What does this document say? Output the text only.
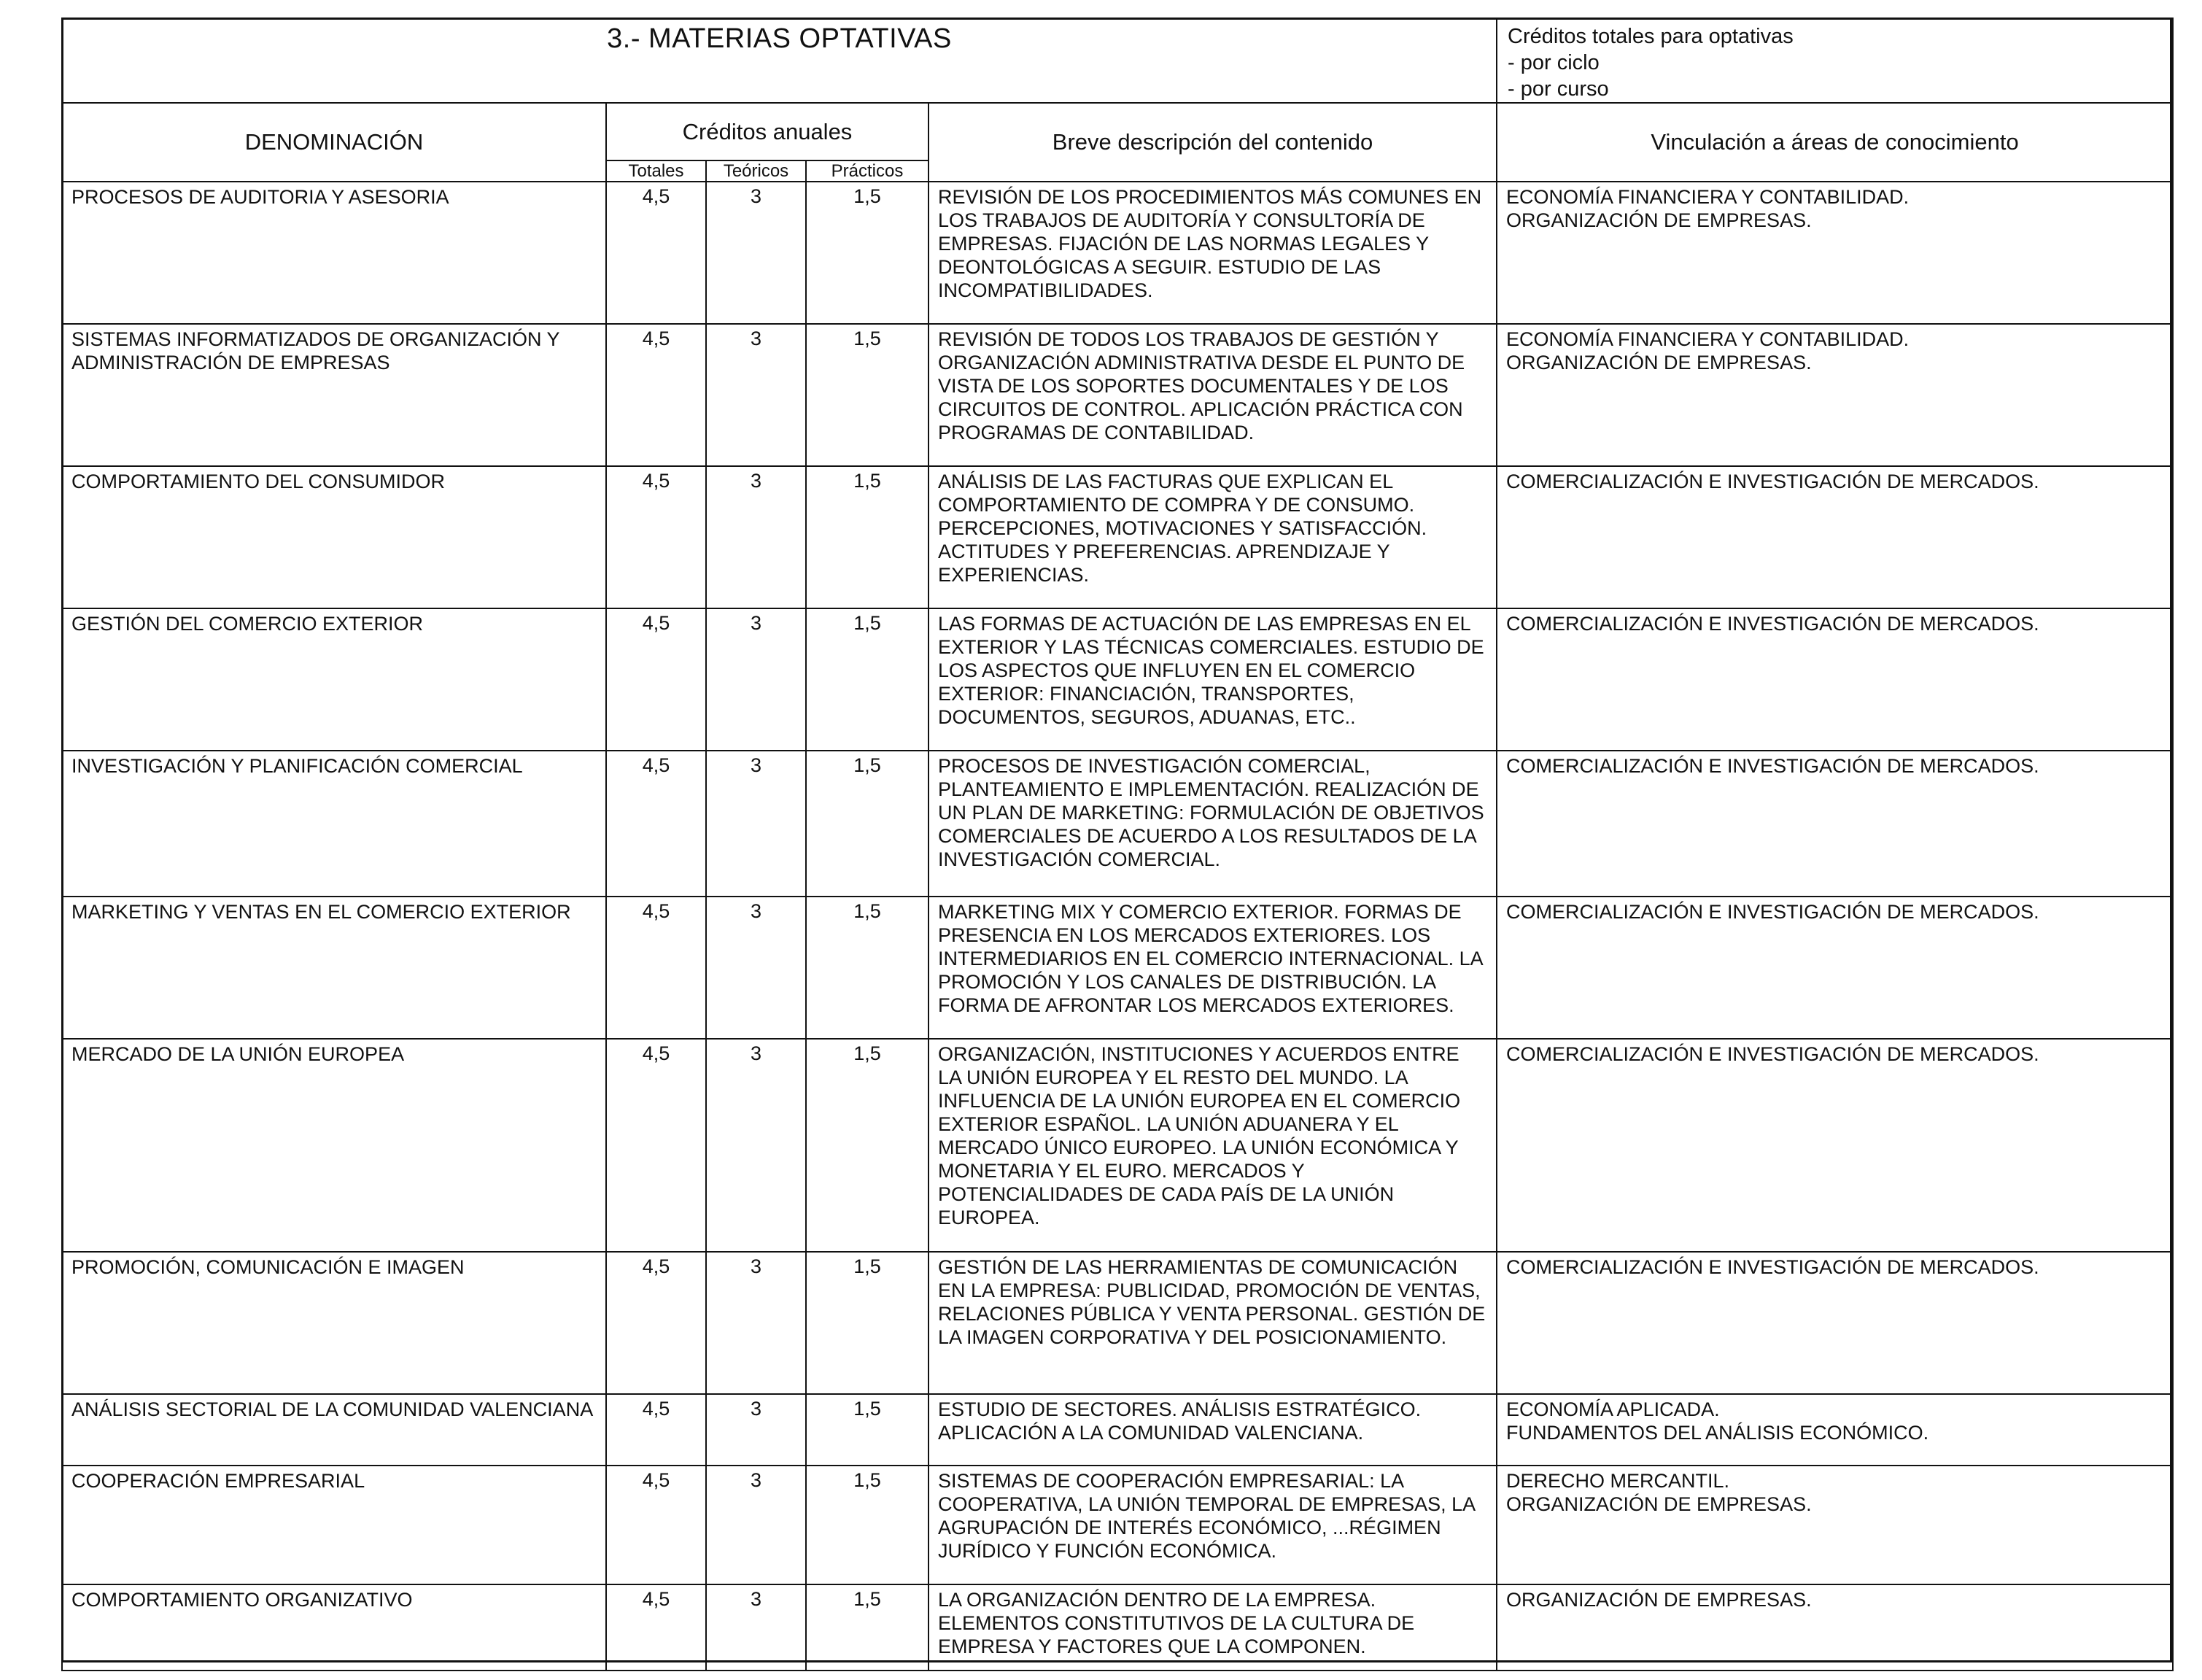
3.- MATERIAS OPTATIVAS					Créditos totales para optativas
- por ciclo
- por curso

DENOMINACIÓN	Créditos anuales			Breve descripción del contenido	Vinculación a áreas de conocimiento
	Totales	Teóricos	Prácticos		
PROCESOS DE AUDITORIA Y ASESORIA	4,5	3	1,5	REVISIÓN DE LOS PROCEDIMIENTOS MÁS COMUNES EN LOS TRABAJOS DE AUDITORÍA Y CONSULTORÍA DE EMPRESAS. FIJACIÓN DE LAS NORMAS LEGALES Y DEONTOLÓGICAS A SEGUIR. ESTUDIO DE LAS INCOMPATIBILIDADES.	ECONOMÍA FINANCIERA Y CONTABILIDAD.
ORGANIZACIÓN DE EMPRESAS.
SISTEMAS INFORMATIZADOS DE ORGANIZACIÓN Y ADMINISTRACIÓN DE EMPRESAS	4,5	3	1,5	REVISIÓN DE TODOS LOS TRABAJOS DE GESTIÓN Y ORGANIZACIÓN ADMINISTRATIVA DESDE EL PUNTO DE VISTA DE LOS SOPORTES DOCUMENTALES Y DE LOS CIRCUITOS DE CONTROL. APLICACIÓN PRÁCTICA CON PROGRAMAS DE CONTABILIDAD.	ECONOMÍA FINANCIERA Y CONTABILIDAD.
ORGANIZACIÓN DE EMPRESAS.
COMPORTAMIENTO DEL CONSUMIDOR	4,5	3	1,5	ANÁLISIS DE LAS FACTURAS QUE EXPLICAN EL COMPORTAMIENTO DE COMPRA Y DE CONSUMO. PERCEPCIONES, MOTIVACIONES Y SATISFACCIÓN. ACTITUDES Y PREFERENCIAS. APRENDIZAJE Y EXPERIENCIAS.	COMERCIALIZACIÓN E INVESTIGACIÓN DE MERCADOS.
GESTIÓN DEL COMERCIO EXTERIOR	4,5	3	1,5	LAS FORMAS DE ACTUACIÓN DE LAS EMPRESAS EN EL EXTERIOR Y LAS TÉCNICAS COMERCIALES. ESTUDIO DE LOS ASPECTOS QUE INFLUYEN EN EL COMERCIO EXTERIOR: FINANCIACIÓN, TRANSPORTES, DOCUMENTOS, SEGUROS, ADUANAS, ETC..	COMERCIALIZACIÓN E INVESTIGACIÓN DE MERCADOS.
INVESTIGACIÓN Y PLANIFICACIÓN COMERCIAL	4,5	3	1,5	PROCESOS DE INVESTIGACIÓN COMERCIAL, PLANTEAMIENTO E IMPLEMENTACIÓN. REALIZACIÓN DE UN PLAN DE MARKETING: FORMULACIÓN DE OBJETIVOS COMERCIALES DE ACUERDO A LOS RESULTADOS DE LA INVESTIGACIÓN COMERCIAL.	COMERCIALIZACIÓN E INVESTIGACIÓN DE MERCADOS.
MARKETING Y VENTAS EN EL COMERCIO EXTERIOR	4,5	3	1,5	MARKETING MIX Y COMERCIO EXTERIOR. FORMAS DE PRESENCIA EN LOS MERCADOS EXTERIORES. LOS INTERMEDIARIOS EN EL COMERCIO INTERNACIONAL. LA PROMOCIÓN Y LOS CANALES DE DISTRIBUCIÓN. LA FORMA DE AFRONTAR LOS MERCADOS EXTERIORES.	COMERCIALIZACIÓN E INVESTIGACIÓN DE MERCADOS.
MERCADO DE LA UNIÓN EUROPEA	4,5	3	1,5	ORGANIZACIÓN, INSTITUCIONES Y ACUERDOS ENTRE LA UNIÓN EUROPEA Y EL RESTO DEL MUNDO. LA INFLUENCIA DE LA UNIÓN EUROPEA EN EL COMERCIO EXTERIOR ESPAÑOL. LA UNIÓN ADUANERA Y EL MERCADO ÚNICO EUROPEO. LA UNIÓN ECONÓMICA Y MONETARIA Y EL EURO. MERCADOS Y POTENCIALIDADES DE CADA PAÍS DE LA UNIÓN EUROPEA.	COMERCIALIZACIÓN E INVESTIGACIÓN DE MERCADOS.
PROMOCIÓN, COMUNICACIÓN E IMAGEN	4,5	3	1,5	GESTIÓN DE LAS HERRAMIENTAS DE COMUNICACIÓN EN LA EMPRESA: PUBLICIDAD, PROMOCIÓN DE VENTAS, RELACIONES PÚBLICA Y VENTA PERSONAL. GESTIÓN DE LA IMAGEN CORPORATIVA Y DEL POSICIONAMIENTO.	COMERCIALIZACIÓN E INVESTIGACIÓN DE MERCADOS.
ANÁLISIS SECTORIAL DE LA COMUNIDAD VALENCIANA	4,5	3	1,5	ESTUDIO DE SECTORES. ANÁLISIS ESTRATÉGICO. APLICACIÓN A LA COMUNIDAD VALENCIANA.	ECONOMÍA APLICADA.
FUNDAMENTOS DEL ANÁLISIS ECONÓMICO.
COOPERACIÓN EMPRESARIAL	4,5	3	1,5	SISTEMAS DE COOPERACIÓN EMPRESARIAL: LA COOPERATIVA, LA UNIÓN TEMPORAL DE EMPRESAS, LA AGRUPACIÓN DE INTERÉS ECONÓMICO, ...RÉGIMEN JURÍDICO Y FUNCIÓN ECONÓMICA.	DERECHO MERCANTIL.
ORGANIZACIÓN DE EMPRESAS.
COMPORTAMIENTO ORGANIZATIVO	4,5	3	1,5	LA ORGANIZACIÓN DENTRO DE LA EMPRESA. ELEMENTOS CONSTITUTIVOS DE LA CULTURA DE EMPRESA Y FACTORES QUE LA COMPONEN.	ORGANIZACIÓN DE EMPRESAS.
